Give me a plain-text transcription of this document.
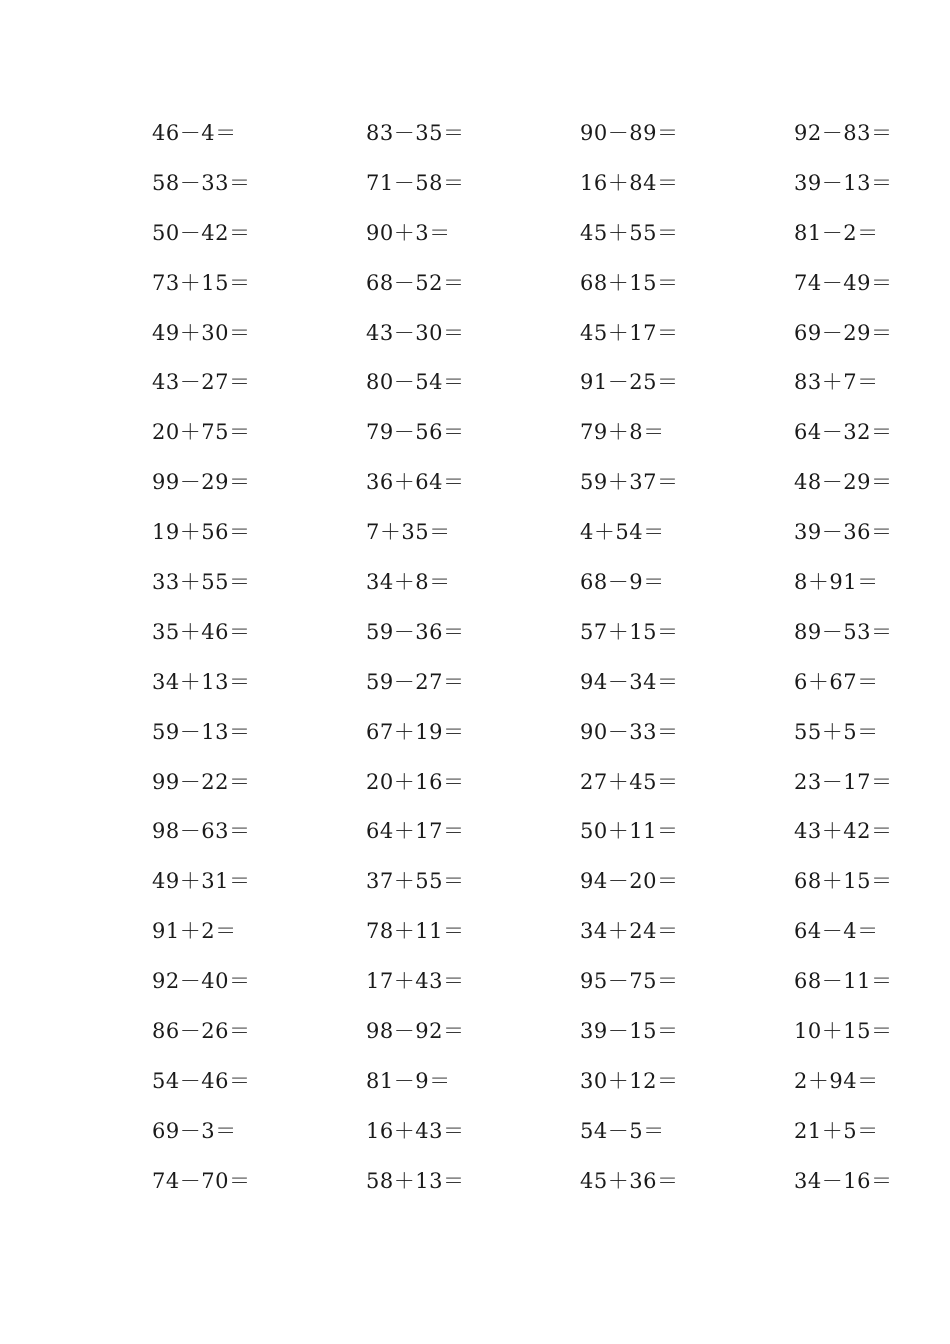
46－4＝	83－35＝	90－89＝	92－83＝
58－33＝	71－58＝	16＋84＝	39－13＝
50－42＝	90＋3＝	45＋55＝	81－2＝
73＋15＝	68－52＝	68＋15＝	74－49＝
49＋30＝	43－30＝	45＋17＝	69－29＝
43－27＝	80－54＝	91－25＝	83＋7＝
20＋75＝	79－56＝	79＋8＝	64－32＝
99－29＝	36＋64＝	59＋37＝	48－29＝
19＋56＝	7＋35＝	4＋54＝	39－36＝
33＋55＝	34＋8＝	68－9＝	8＋91＝
35＋46＝	59－36＝	57＋15＝	89－53＝
34＋13＝	59－27＝	94－34＝	6＋67＝
59－13＝	67＋19＝	90－33＝	55＋5＝
99－22＝	20＋16＝	27＋45＝	23－17＝
98－63＝	64＋17＝	50＋11＝	43＋42＝
49＋31＝	37＋55＝	94－20＝	68＋15＝
91＋2＝	78＋11＝	34＋24＝	64－4＝
92－40＝	17＋43＝	95－75＝	68－11＝
86－26＝	98－92＝	39－15＝	10＋15＝
54－46＝	81－9＝	30＋12＝	2＋94＝
69－3＝	16＋43＝	54－5＝	21＋5＝
74－70＝	58＋13＝	45＋36＝	34－16＝
